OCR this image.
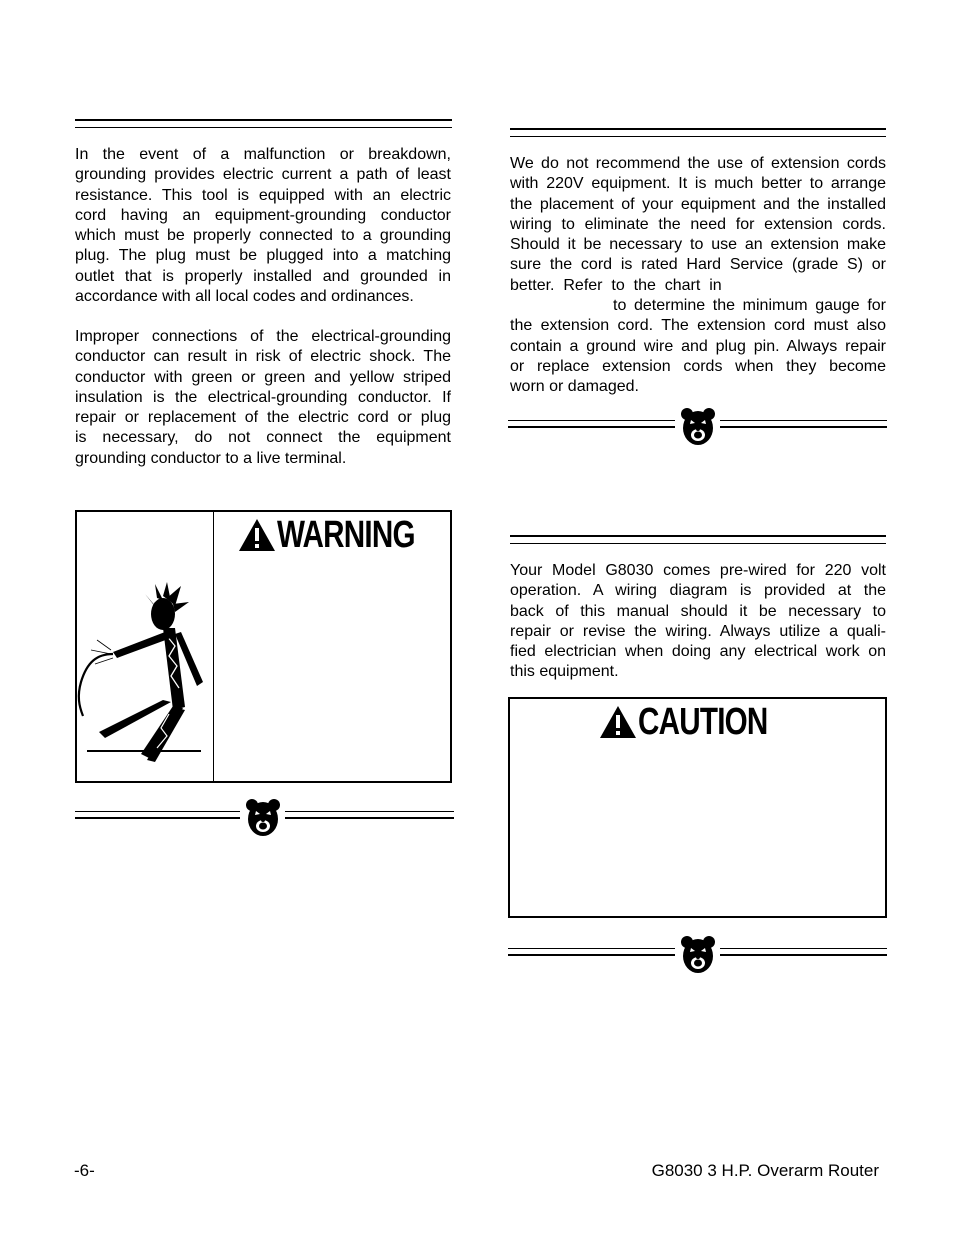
In the event of a malfunction or breakdown,
grounding provides electric current a path of least
resistance. This tool is equipped with an electric
cord having an equipment-grounding conductor
which must be properly connected to a grounding
plug. The plug must be plugged into a matching
outlet that is properly installed and grounded in
accordance with all local codes and ordinances.
Improper connections of the electrical-grounding
conductor can result in risk of electric shock. The
conductor with green or green and yellow striped
insulation is the electrical-grounding conductor. If
repair or replacement of the electric cord or plug
is necessary, do not connect the equipment
grounding conductor to a live terminal.
WARNING
We do not recommend the use of extension cords
with 220V equipment. It is much better to arrange
the placement of your equipment and the installed
wiring to eliminate the need for extension cords.
Should it be necessary to use an extension make
sure the cord is rated Hard Service (grade S) or
better.  Refer  to  the  chart  in
to determine the minimum gauge for
the extension cord. The extension cord must also
contain a ground wire and plug pin. Always repair
or  replace  extension  cords  when  they  become
worn or damaged.
Your Model G8030 comes pre-wired for 220 volt
operation. A wiring diagram is provided at the
back of this manual should it be necessary to
repair or revise the wiring. Always utilize a quali-
fied electrician when doing any electrical work on
this equipment.
CAUTION
-6-	G8030 3 H.P. Overarm Router
